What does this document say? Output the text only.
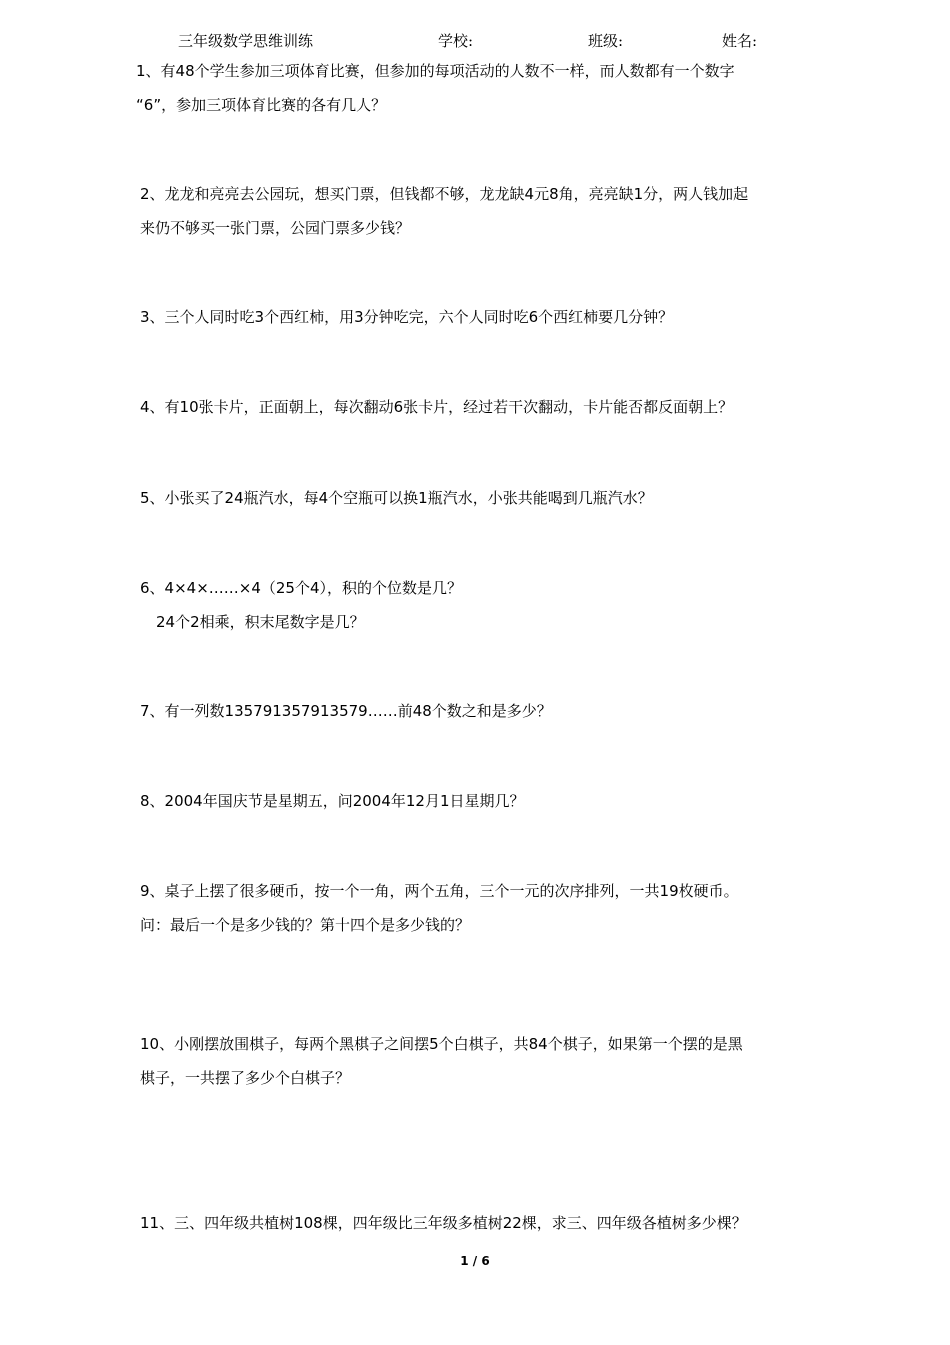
三年级数学思维训练	学校:	班级:	姓名:
1、有48个学生参加三项体育比赛，但参加的每项活动的人数不一样，而人数都有一个数字
“6”，参加三项体育比赛的各有几人？
2、龙龙和亮亮去公园玩，想买门票，但钱都不够，龙龙缺4元8角，亮亮缺1分，两人钱加起
来仍不够买一张门票，公园门票多少钱？
3、三个人同时吃3个西红柿，用3分钟吃完，六个人同时吃6个西红柿要几分钟？
4、有10张卡片，正面朝上，每次翻动6张卡片，经过若干次翻动，卡片能否都反面朝上？
5、小张买了24瓶汽水，每4个空瓶可以换1瓶汽水，小张共能喝到几瓶汽水？
6、4×4×……×4（25个4），积的个位数是几？
24个2相乘，积末尾数字是几？
7、有一列数135791357913579……前48个数之和是多少？
8、2004年国庆节是星期五，问2004年12月1日星期几？
9、桌子上摆了很多硬币，按一个一角，两个五角，三个一元的次序排列，一共19枚硬币。
问：最后一个是多少钱的？第十四个是多少钱的？
10、小刚摆放围棋子，每两个黑棋子之间摆5个白棋子，共84个棋子，如果第一个摆的是黑
棋子，一共摆了多少个白棋子？
11、三、四年级共植树108棵，四年级比三年级多植树22棵，求三、四年级各植树多少棵？
1 / 6
